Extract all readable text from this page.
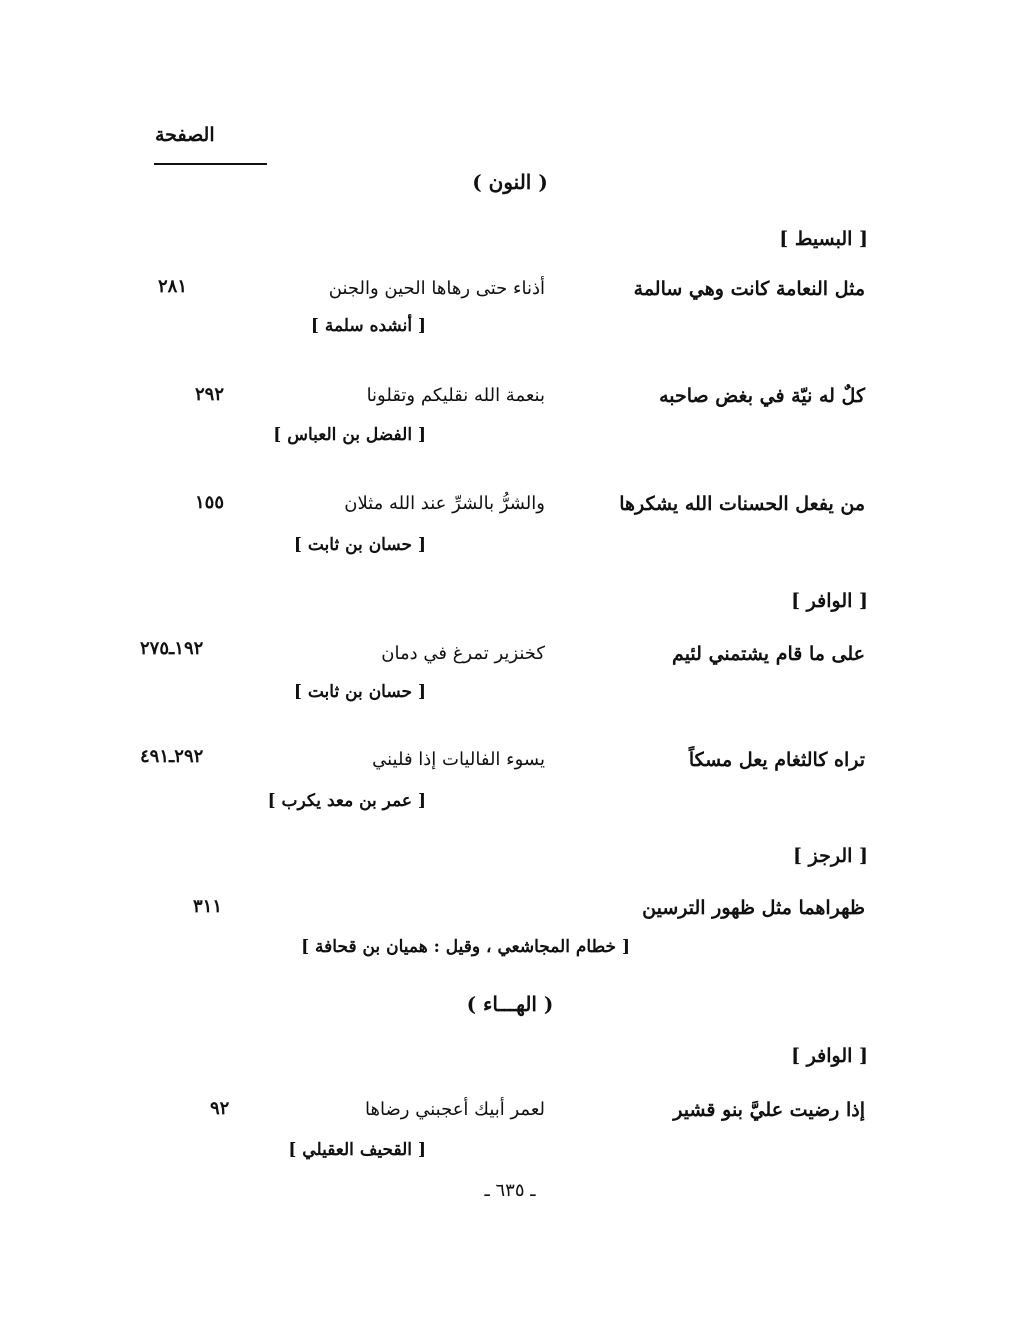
الصفحة
( النون )
[ البسيط ]
مثل النعامة كانت وهي سالمة
أذناء حتى رهاها الحين والجنن
٢٨١
[ أنشده سلمة ]
كلٌ له نيّة في بغض صاحبه
بنعمة الله نقليكم وتقلونا
٢٩٢
[ الفضل بن العباس ]
من يفعل الحسنات الله يشكرها
والشرُّ بالشرِّ عند الله مثلان
١٥٥
[ حسان بن ثابت ]
[ الوافر ]
على ما قام يشتمني لئيم
كخنزير تمرغ في دمان
١٩٢ـ٢٧٥
[ حسان بن ثابت ]
تراه كالثغام يعل مسكاً
يسوء الفاليات إذا فليني
٢٩٢ـ٤٩١
[ عمر بن معد يكرب ]
[ الرجز ]
ظهراهما مثل ظهور الترسين
٣١١
[ خطام المجاشعي ، وقيل : هميان بن قحافة ]
( الهـــاء )
[ الوافر ]
إذا رضيت عليَّ بنو قشير
لعمر أبيك أعجبني رضاها
٩٢
[ القحيف العقيلي ]
ـ ٦٣٥ ـ
